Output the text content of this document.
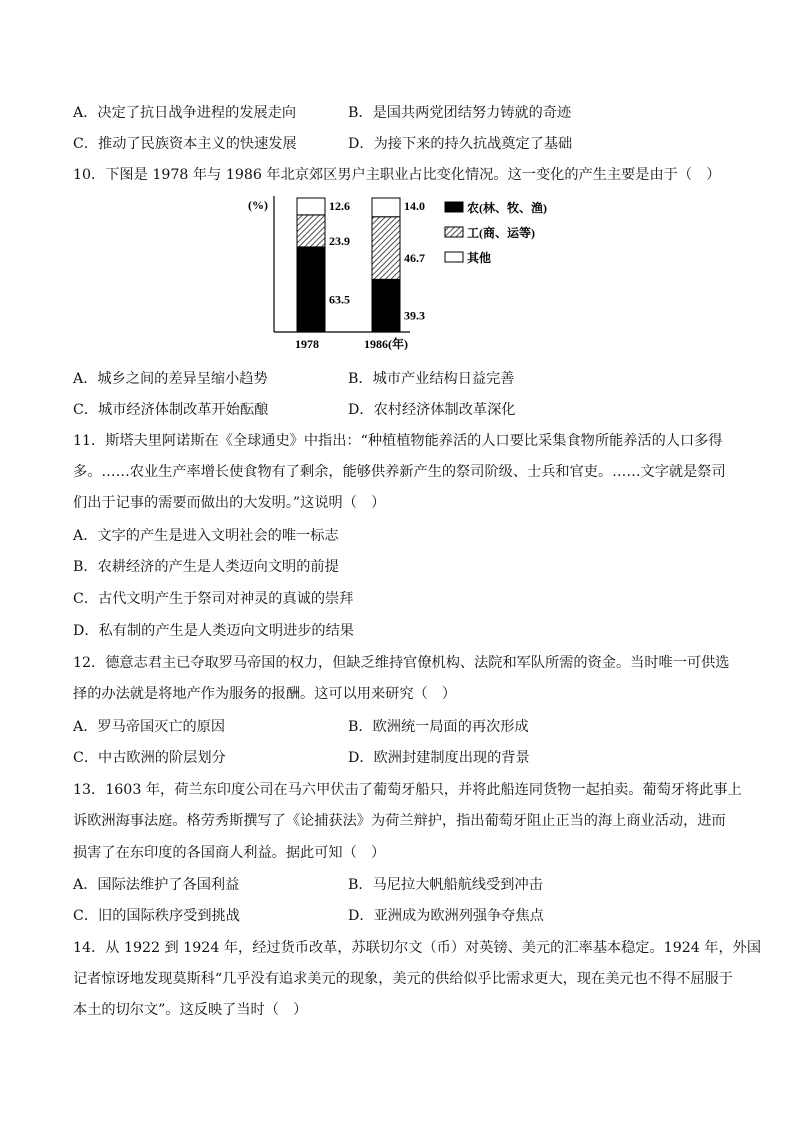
A．决定了抗日战争进程的发展走向	B．是国共两党团结努力铸就的奇迹
C．推动了民族资本主义的快速发展	D．为接下来的持久抗战奠定了基础
10．下图是 1978 年与 1986 年北京郊区男户主职业占比变化情况。这一变化的产生主要是由于（　）
(%)
63.5
23.9
12.6
1978
39.3
46.7
14.0
1986(年)
农(林、牧、渔)
工(商、运等)
其他
A．城乡之间的差异呈缩小趋势	B．城市产业结构日益完善
C．城市经济体制改革开始酝酿	D．农村经济体制改革深化
11．斯塔夫里阿诺斯在《全球通史》中指出：“种植植物能养活的人口要比采集食物所能养活的人口多得
多。……农业生产率增长使食物有了剩余，能够供养新产生的祭司阶级、士兵和官吏。……文字就是祭司
们出于记事的需要而做出的大发明。”这说明（　）
A．文字的产生是进入文明社会的唯一标志
B．农耕经济的产生是人类迈向文明的前提
C．古代文明产生于祭司对神灵的真诚的崇拜
D．私有制的产生是人类迈向文明进步的结果
12．德意志君主已夺取罗马帝国的权力，但缺乏维持官僚机构、法院和军队所需的资金。当时唯一可供选
择的办法就是将地产作为服务的报酬。这可以用来研究（　）
A．罗马帝国灭亡的原因	B．欧洲统一局面的再次形成
C．中古欧洲的阶层划分	D．欧洲封建制度出现的背景
13．1603 年，荷兰东印度公司在马六甲伏击了葡萄牙船只，并将此船连同货物一起拍卖。葡萄牙将此事上
诉欧洲海事法庭。格劳秀斯撰写了《论捕获法》为荷兰辩护，指出葡萄牙阻止正当的海上商业活动，进而
损害了在东印度的各国商人利益。据此可知（　）
A．国际法维护了各国利益	B．马尼拉大帆船航线受到冲击
C．旧的国际秩序受到挑战	D．亚洲成为欧洲列强争夺焦点
14．从 1922 到 1924 年，经过货币改革，苏联切尔文（币）对英镑、美元的汇率基本稳定。1924 年，外国
记者惊讶地发现莫斯科“几乎没有追求美元的现象，美元的供给似乎比需求更大，现在美元也不得不屈服于
本土的切尔文”。这反映了当时（　）
